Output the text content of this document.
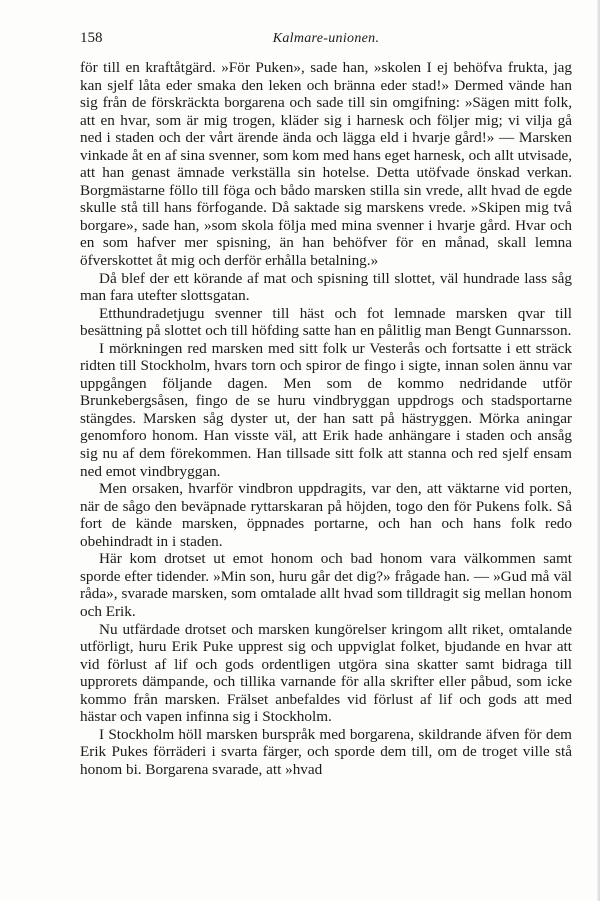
158	Kalmare-unionen.

för till en kraftåtgärd. »För Puken», sade han, »skolen I ej behöfva frukta, jag kan sjelf låta eder smaka den leken och bränna eder stad!» Dermed vände han sig från de förskräckta borgarena och sade till sin omgifning: »Sägen mitt folk, att en hvar, som är mig trogen, kläder sig i harnesk och följer mig; vi vilja gå ned i staden och der vårt ärende ända och lägga eld i hvarje gård!» — Marsken vinkade åt en af sina svenner, som kom med hans eget harnesk, och allt utvisade, att han genast ämnade verkställa sin hotelse. Detta utöfvade önskad verkan. Borgmästarne föllo till föga och bådo marsken stilla sin vrede, allt hvad de egde skulle stå till hans förfogande. Då saktade sig marskens vrede. »Skipen mig två borgare», sade han, »som skola följa med mina svenner i hvarje gård. Hvar och en som hafver mer spisning, än han behöfver för en månad, skall lemna öfverskottet åt mig och derför erhålla betalning.»

Då blef der ett körande af mat och spisning till slottet, väl hundrade lass såg man fara utefter slottsgatan.

Etthundradetjugu svenner till häst och fot lemnade marsken qvar till besättning på slottet och till höfding satte han en pålitlig man Bengt Gunnarsson.

I mörkningen red marsken med sitt folk ur Vesterås och fortsatte i ett sträck ridten till Stockholm, hvars torn och spiror de fingo i sigte, innan solen ännu var uppgången följande dagen. Men som de kommo nedridande utför Brunkebergsåsen, fingo de se huru vindbryggan uppdrogs och stadsportarne stängdes. Marsken såg dyster ut, der han satt på hästryggen. Mörka aningar genomforo honom. Han visste väl, att Erik hade anhängare i staden och ansåg sig nu af dem förekommen. Han tillsade sitt folk att stanna och red sjelf ensam ned emot vindbryggan.

Men orsaken, hvarför vindbron uppdragits, var den, att väktarne vid porten, när de sågo den beväpnade ryttarskaran på höjden, togo den för Pukens folk. Så fort de kände marsken, öppnades portarne, och han och hans folk redo obehindradt in i staden.

Här kom drotset ut emot honom och bad honom vara välkommen samt sporde efter tidender. »Min son, huru går det dig?» frågade han. — »Gud må väl råda», svarade marsken, som omtalade allt hvad som tilldragit sig mellan honom och Erik.

Nu utfärdade drotset och marsken kungörelser kringom allt riket, omtalande utförligt, huru Erik Puke upprest sig och uppviglat folket, bjudande en hvar att vid förlust af lif och gods ordentligen utgöra sina skatter samt bidraga till upprorets dämpande, och tillika varnande för alla skrifter eller påbud, som icke kommo från marsken. Frälset anbefaldes vid förlust af lif och gods att med hästar och vapen infinna sig i Stockholm.

I Stockholm höll marsken burspråk med borgarena, skildrande äfven för dem Erik Pukes förräderi i svarta färger, och sporde dem till, om de troget ville stå honom bi. Borgarena svarade, att »hvad
